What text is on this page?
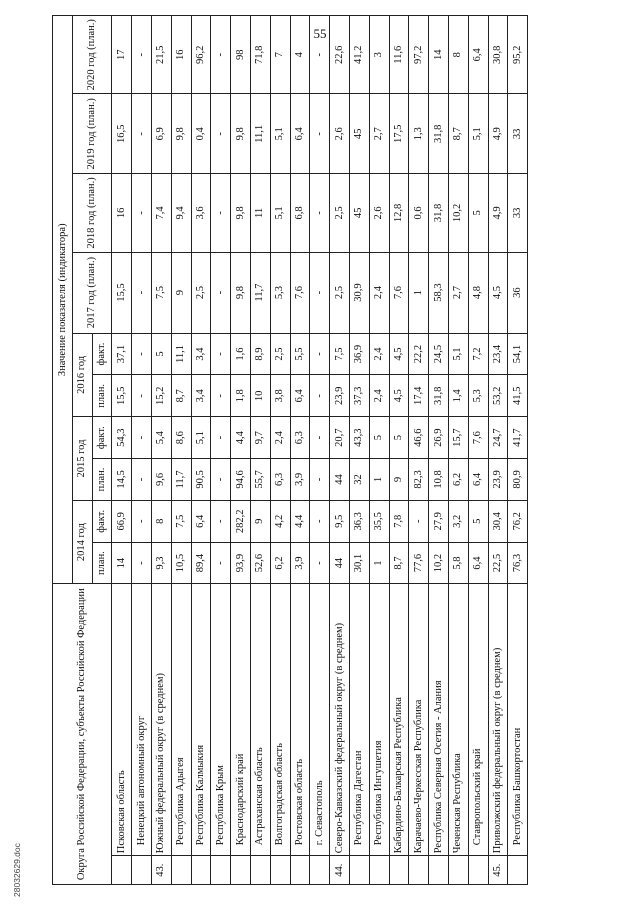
55
Округа Российской Федерации, субъекты Российской Федерации		Значение показателя (индикатора)									
		2014 год		2015 год		2016 год		2017 год (план.)	2018 год (план.)	2019 год (план.)	2020 год (план.)
		план.	факт.	план.	факт.	план.	факт.				
	Псковская область	14	66,9	14,5	54,3	15,5	37,1	15,5	16	16,5	17
	Ненецкий автономный округ	-	-	-	-	-	-	-	-	-	-
43.	Южный федеральный округ (в среднем)	9,3	8	9,6	5,4	15,2	5	7,5	7,4	6,9	21,5
	Республика Адыгея	10,5	7,5	11,7	8,6	8,7	11,1	9	9,4	9,8	16
	Республика Калмыкия	89,4	6,4	90,5	5,1	3,4	3,4	2,5	3,6	0,4	96,2
	Республика Крым	-	-	-	-	-	-	-	-	-	-
	Краснодарский край	93,9	282,2	94,6	4,4	1,8	1,6	9,8	9,8	9,8	98
	Астраханская область	52,6	9	55,7	9,7	10	8,9	11,7	11	11,1	71,8
	Волгоградская область	6,2	4,2	6,3	2,4	3,8	2,5	5,3	5,1	5,1	7
	Ростовская область	3,9	4,4	3,9	6,3	6,4	5,5	7,6	6,8	6,4	4
	г. Севастополь	-	-	-	-	-	-	-	-	-	-
44.	Северо-Кавказский федеральный округ (в среднем)	44	9,5	44	20,7	23,9	7,5	2,5	2,5	2,6	22,6
	Республика Дагестан	30,1	36,3	32	43,3	37,3	36,9	30,9	45	45	41,2
	Республика Ингушетия	1	35,5	1	5	2,4	2,4	2,4	2,6	2,7	3
	Кабардино-Балкарская Республика	8,7	7,8	9	5	4,5	4,5	7,6	12,8	17,5	11,6
	Карачаево-Черкесская Республика	77,6	-	82,3	46,6	17,4	22,2	1	0,6	1,3	97,2
	Республика Северная Осетия - Алания	10,2	27,9	10,8	26,9	31,8	24,5	58,3	31,8	31,8	14
	Чеченская Республика	5,8	3,2	6,2	15,7	1,4	5,1	2,7	10,2	8,7	8
	Ставропольский край	6,4	5	6,4	7,6	5,3	7,2	4,8	5	5,1	6,4
45.	Приволжский федеральный округ (в среднем)	22,5	30,4	23,9	24,7	53,2	23,4	4,5	4,9	4,9	30,8
	Республика Башкортостан	76,3	76,2	80,9	41,7	41,5	54,1	36	33	33	95,2
28032629.doc
